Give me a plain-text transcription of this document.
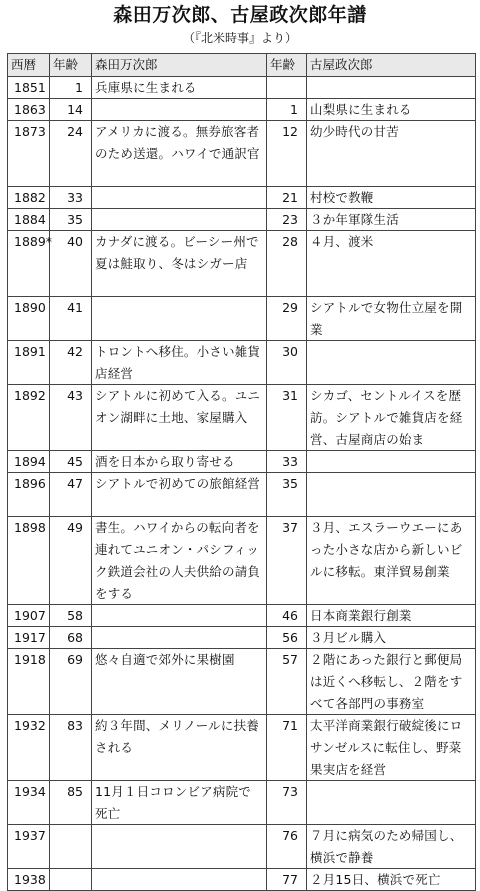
森田万次郎、古屋政次郎年譜
（『北米時事』より）
西暦	年齢	森田万次郎	年齢	古屋政次郎

1851	1	兵庫県に生まれる		

1863	14		1	山梨県に生まれる

1873	24	アメリカに渡る。無券旅客者のため送還。ハワイで通訳官	12	幼少時代の甘苦

1882	33		21	村校で教鞭

1884	35		23	３か年軍隊生活

1889*	40	カナダに渡る。ビーシー州で夏は鮭取り、冬はシガー店	28	４月、渡米

1890	41		29	シアトルで女物仕立屋を開業

1891	42	トロントへ移住。小さい雑貨店経営	30	

1892	43	シアトルに初めて入る。ユニオン湖畔に土地、家屋購入	31	シカゴ、セントルイスを歴訪。シアトルで雑貨店を経営、古屋商店の始ま

1894	45	酒を日本から取り寄せる	33	

1896	47	シアトルで初めての旅館経営	35	

1898	49	書生。ハワイからの転向者を連れてユニオン・パシフィック鉄道会社の人夫供給の請負をする	37	３月、エスラーウエーにあった小さな店から新しいビルに移転。東洋貿易創業

1907	58		46	日本商業銀行創業

1917	68		56	３月ビル購入

1918	69	悠々自適で郊外に果樹園	57	２階にあった銀行と郵便局は近くへ移転し、２階をすべて各部門の事務室

1932	83	約３年間、メリノールに扶養される	71	太平洋商業銀行破綻後にロサンゼルスに転住し、野菜果実店を経営

1934	85	11月１日コロンビア病院で死亡	73	

1937			76	７月に病気のため帰国し、横浜で静養

1938			77	２月15日、横浜で死亡
